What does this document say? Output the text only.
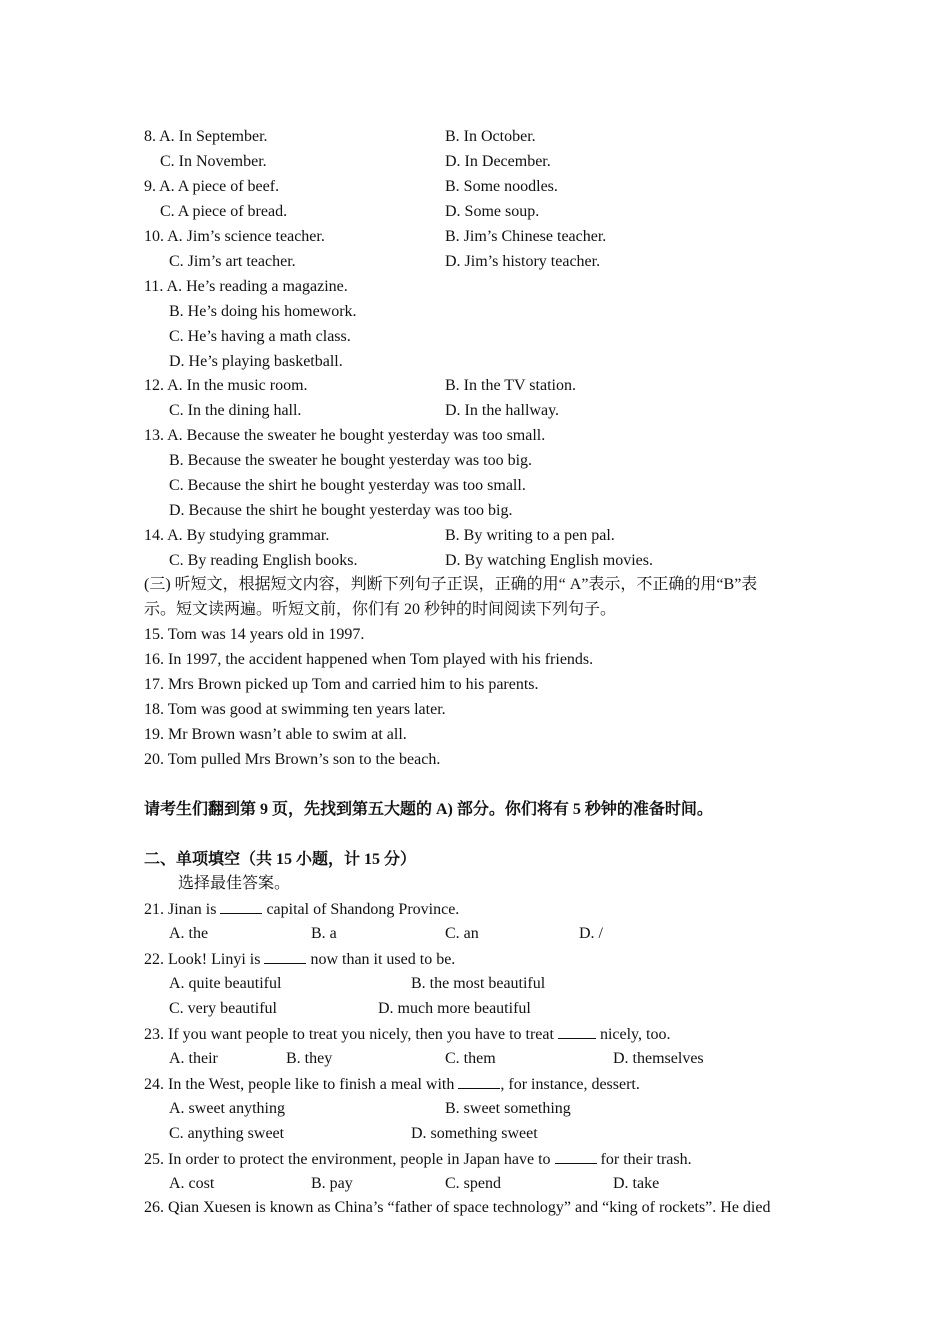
8. A. In September.	B. In October.
C. In November.	D. In December.
9. A. A piece of beef.	B. Some noodles.
C. A piece of bread.	D. Some soup.
10. A. Jim’s science teacher.	B. Jim’s Chinese teacher.
C. Jim’s art teacher.	D. Jim’s history teacher.
11. A. He’s reading a magazine.
B. He’s doing his homework.
C. He’s having a math class.
D. He’s playing basketball.
12. A. In the music room.	B. In the TV station.
C. In the dining hall.	D. In the hallway.
13. A. Because the sweater he bought yesterday was too small.
B. Because the sweater he bought yesterday was too big.
C. Because the shirt he bought yesterday was too small.
D. Because the shirt he bought yesterday was too big.
14. A. By studying grammar.	B. By writing to a pen pal.
C. By reading English books.	D. By watching English movies.
(三) 听短文，根据短文内容，判断下列句子正误，正确的用“ A”表示，不正确的用“B”表
示。短文读两遍。听短文前，你们有 20 秒钟的时间阅读下列句子。
15. Tom was 14 years old in 1997.
16. In 1997, the accident happened when Tom played with his friends.
17. Mrs Brown picked up Tom and carried him to his parents.
18. Tom was good at swimming ten years later.
19. Mr Brown wasn’t able to swim at all.
20. Tom pulled Mrs Brown’s son to the beach.
请考生们翻到第 9 页，先找到第五大题的 A) 部分。你们将有 5 秒钟的准备时间。
二、单项填空（共 15 小题，计 15 分）
选择最佳答案。
21. Jinan is	capital of Shandong Province.
A. the	B. a	C. an	D. /
22. Look! Linyi is	now than it used to be.
A. quite beautiful	B. the most beautiful
C. very beautiful	D. much more beautiful
23. If you want people to treat you nicely, then you have to treat  nicely, too.
A. their	B. they	C. them	D. themselves
24. In the West, people like to finish a meal with	, for instance, dessert.
A. sweet anything	B. sweet something
C. anything sweet	D. something sweet
25. In order to protect the environment, people in Japan have to	for their trash.
A. cost	B. pay	C. spend	D. take
26. Qian Xuesen is known as China’s “father of space technology” and “king of rockets”. He died
